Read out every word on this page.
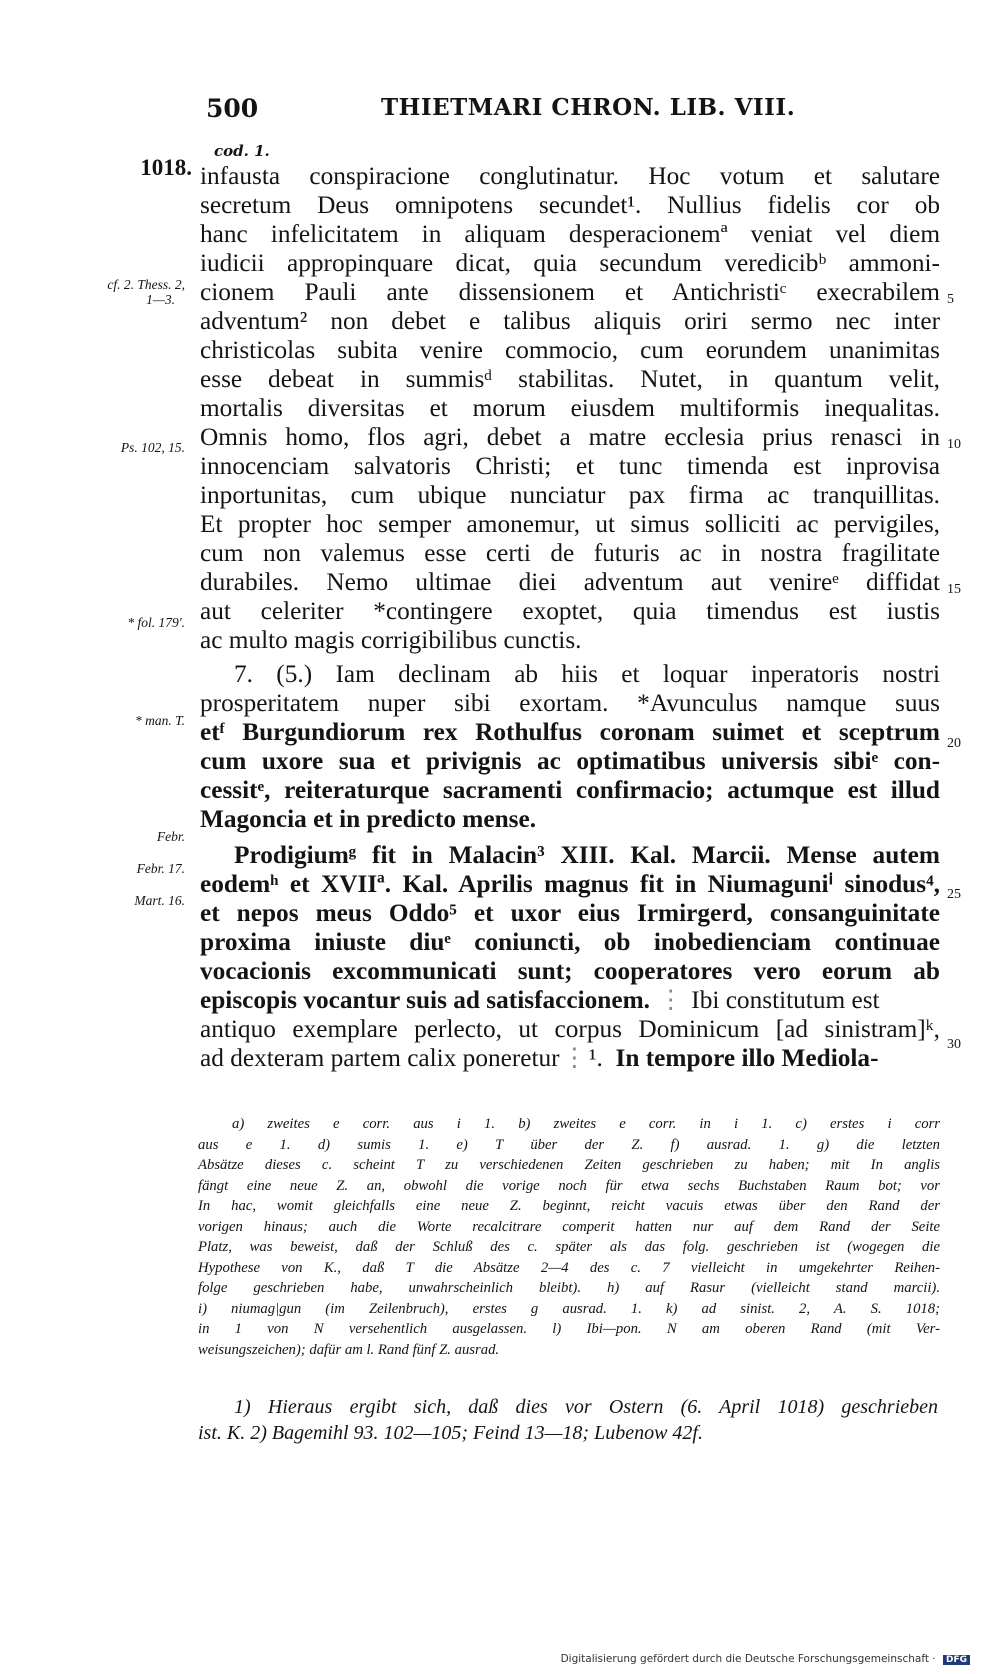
500	THIETMARI CHRON. LIB. VIII.
cod. 1.
1018.
cf. 2. Thess. 2,
1—3.
Ps. 102, 15.
* fol. 179'.
* man. T.
Febr.
Febr. 17.
Mart. 16.
5
10
15
20
25
30
infausta conspiracione conglutinatur. Hoc votum et salutare
secretum Deus omnipotens secundet¹. Nullius fidelis cor ob
hanc infelicitatem in aliquam desperacionemª veniat vel diem
iudicii appropinquare dicat, quia secundum veredicibᵇ ammoni-
cionem Pauli ante dissensionem et Antichristiᶜ execrabilem
adventum² non debet e talibus aliquis oriri sermo nec inter
christicolas subita venire commocio, cum eorundem unanimitas
esse debeat in summisᵈ stabilitas. Nutet, in quantum velit,
mortalis diversitas et morum eiusdem multiformis inequalitas.
Omnis homo, flos agri, debet a matre ecclesia prius renasci in
innocenciam salvatoris Christi; et tunc timenda est inprovisa
inportunitas, cum ubique nunciatur pax firma ac tranquillitas.
Et propter hoc semper amonemur, ut simus solliciti ac pervigiles,
cum non valemus esse certi de futuris ac in nostra fragilitate
durabiles. Nemo ultimae diei adventum aut venireᵉ diffidat
aut celeriter *contingere exoptet, quia timendus est iustis
ac multo magis corrigibilibus cunctis.
7. (5.) Iam declinam ab hiis et loquar inperatoris nostri
prosperitatem nuper sibi exortam. *Avunculus namque suus
etᶠ Burgundiorum rex Rothulfus coronam suimet et sceptrum
cum uxore sua et privignis ac optimatibus universis sibiᵉ con-
cessitᵉ, reiteraturque sacramenti confirmacio; actumque est illud
Magoncia et in predicto mense.
Prodigiumᵍ fit in Malacin³ XIII. Kal. Marcii. Mense autem
eodemʰ et XVIIª. Kal. Aprilis magnus fit in Niumaguniⁱ sinodus⁴,
et nepos meus Oddo⁵ et uxor eius Irmirgerd, consanguinitate
proxima iniuste diuᵉ coniuncti, ob inobedienciam continuae
vocacionis excommunicati sunt; cooperatores vero eorum ab
episcopis vocantur suis ad satisfaccionem. ⋮ Ibi constitutum est
antiquo exemplare perlecto, ut corpus Dominicum [ad sinistram]ᵏ,
ad dexteram partem calix poneretur⋮¹. In tempore illo Mediola-
a) zweites e corr. aus i 1. b) zweites e corr. in i 1. c) erstes i corr
aus e 1. d) sumis 1. e) T über der Z. f) ausrad. 1. g) die letzten
Absätze dieses c. scheint T zu verschiedenen Zeiten geschrieben zu haben; mit In anglis
fängt eine neue Z. an, obwohl die vorige noch für etwa sechs Buchstaben Raum bot; vor
In hac, womit gleichfalls eine neue Z. beginnt, reicht vacuis etwas über den Rand der
vorigen hinaus; auch die Worte recalcitrare comperit hatten nur auf dem Rand der Seite
Platz, was beweist, daß der Schluß des c. später als das folg. geschrieben ist (wogegen die
Hypothese von K., daß T die Absätze 2—4 des c. 7 vielleicht in umgekehrter Reihen-
folge geschrieben habe, unwahrscheinlich bleibt). h) auf Rasur (vielleicht stand marcii).
i) niumag|gun (im Zeilenbruch), erstes g ausrad. 1. k) ad sinist. 2, A. S. 1018;
in 1 von N versehentlich ausgelassen. l) Ibi—pon. N am oberen Rand (mit Ver-
weisungszeichen); dafür am l. Rand fünf Z. ausrad.
1) Hieraus ergibt sich, daß dies vor Ostern (6. April 1018) geschrieben
ist. K. 2) Bagemihl 93. 102—105; Feind 13—18; Lubenow 42f.
Digitalisierung gefördert durch die Deutsche Forschungsgemeinschaft · DFG
